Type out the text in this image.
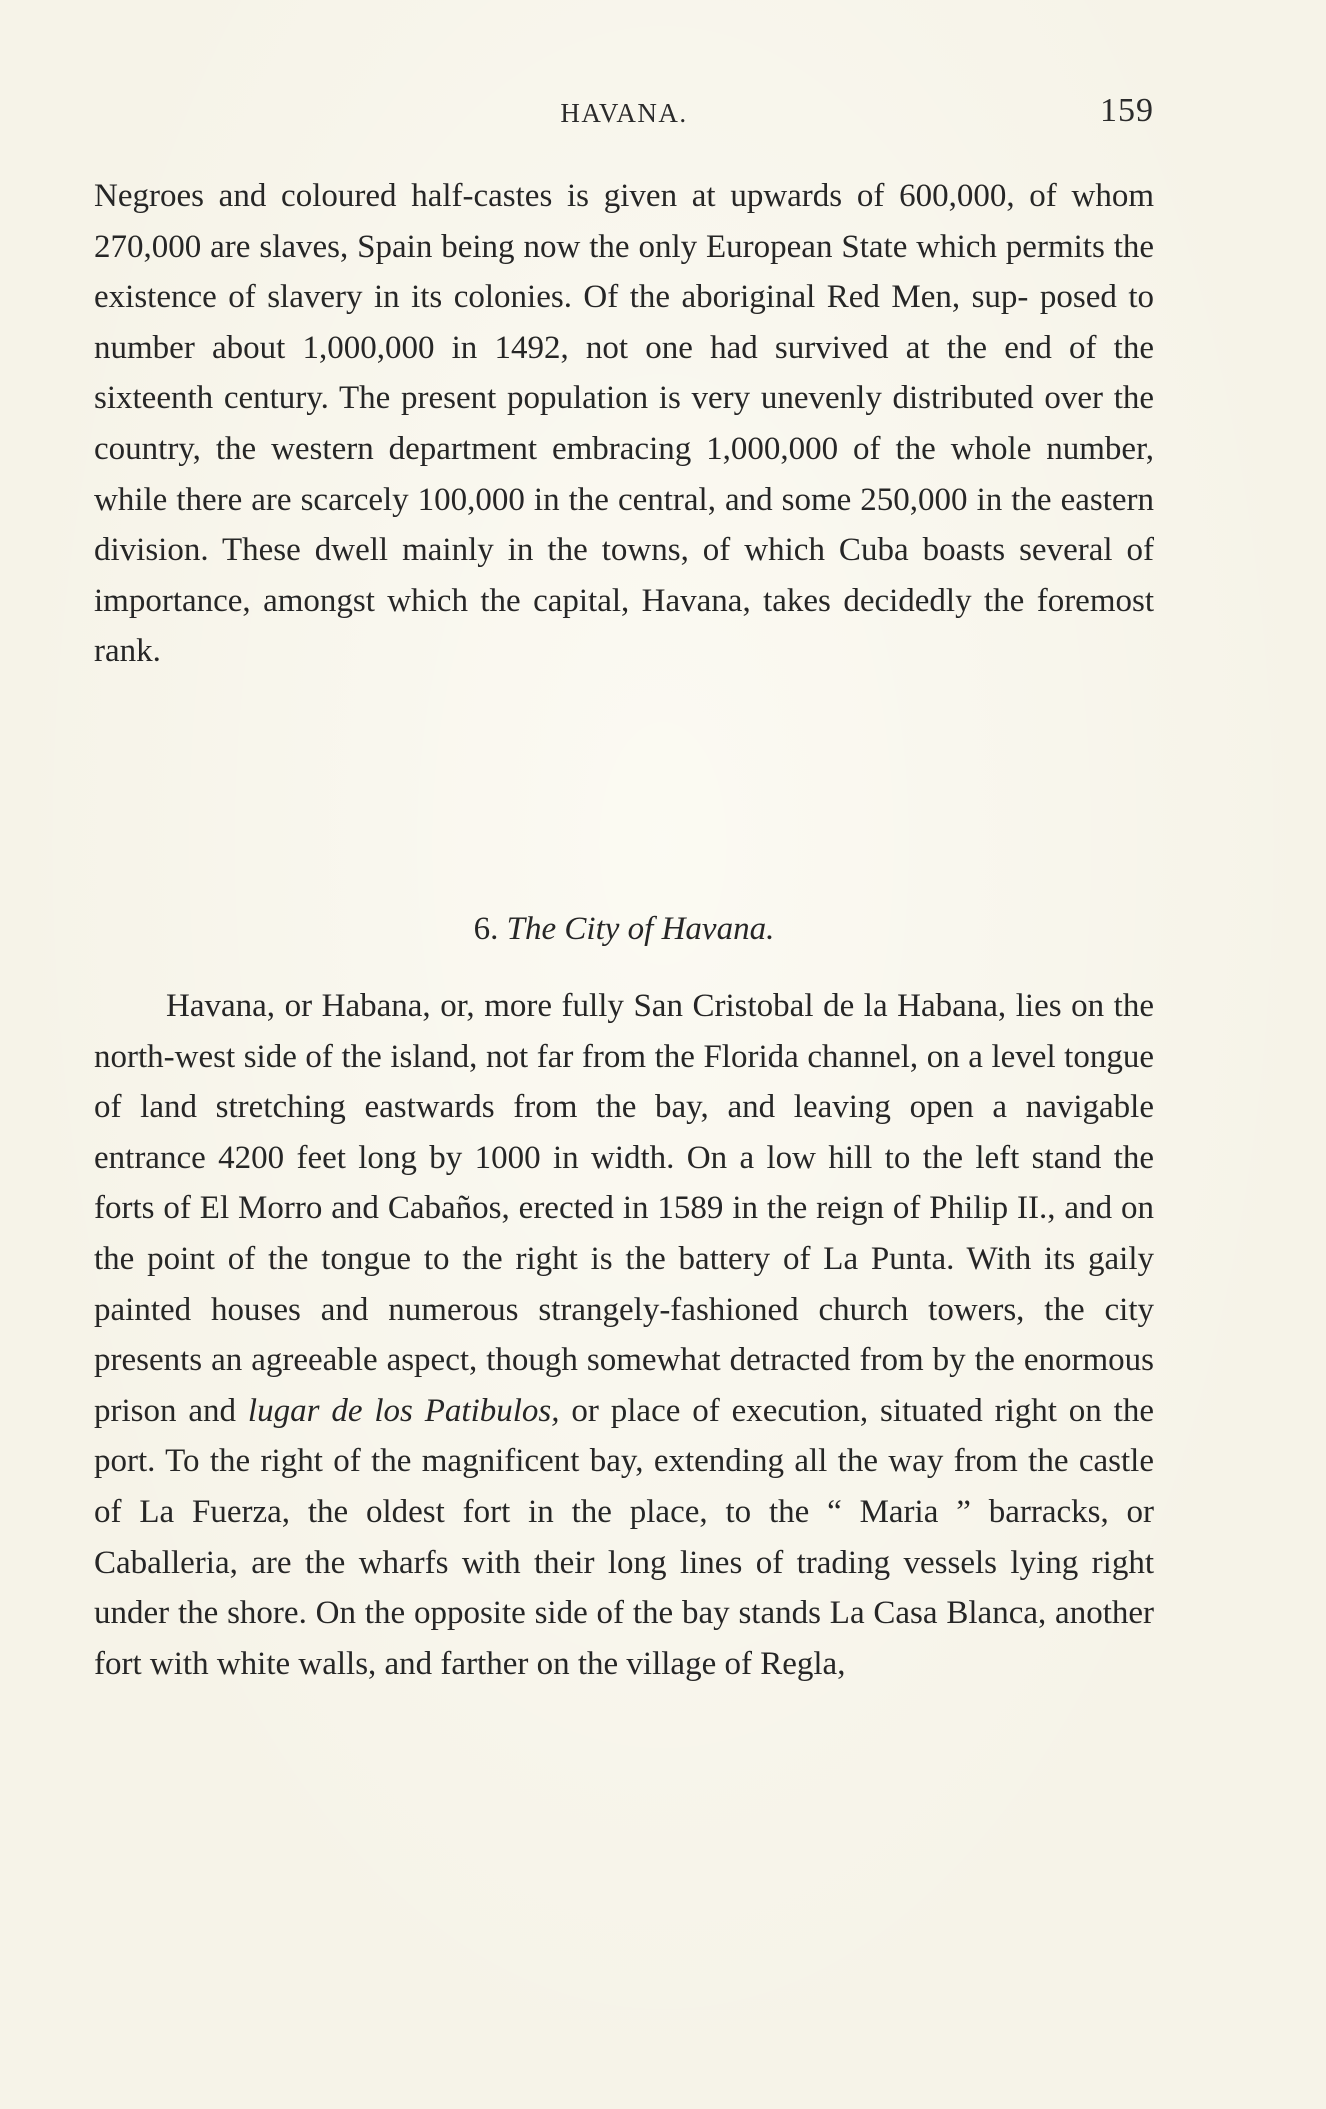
HAVANA.	159

Negroes and coloured half-castes is given at upwards of 600,000, of whom 270,000 are slaves, Spain being now the only European State which permits the existence of slavery in its colonies. Of the aboriginal Red Men, sup- posed to number about 1,000,000 in 1492, not one had survived at the end of the sixteenth century. The present population is very unevenly distributed over the country, the western department embracing 1,000,000 of the whole number, while there are scarcely 100,000 in the central, and some 250,000 in the eastern division. These dwell mainly in the towns, of which Cuba boasts several of importance, amongst which the capital, Havana, takes decidedly the foremost rank.

6. The City of Havana.

Havana, or Habana, or, more fully San Cristobal de la Habana, lies on the north-west side of the island, not far from the Florida channel, on a level tongue of land stretching eastwards from the bay, and leaving open a navigable entrance 4200 feet long by 1000 in width. On a low hill to the left stand the forts of El Morro and Cabaños, erected in 1589 in the reign of Philip II., and on the point of the tongue to the right is the battery of La Punta. With its gaily painted houses and numerous strangely-fashioned church towers, the city presents an agreeable aspect, though somewhat detracted from by the enormous prison and lugar de los Patibulos, or place of execution, situated right on the port. To the right of the magnificent bay, extending all the way from the castle of La Fuerza, the oldest fort in the place, to the “ Maria ” barracks, or Caballeria, are the wharfs with their long lines of trading vessels lying right under the shore. On the opposite side of the bay stands La Casa Blanca, another fort with white walls, and farther on the village of Regla,
